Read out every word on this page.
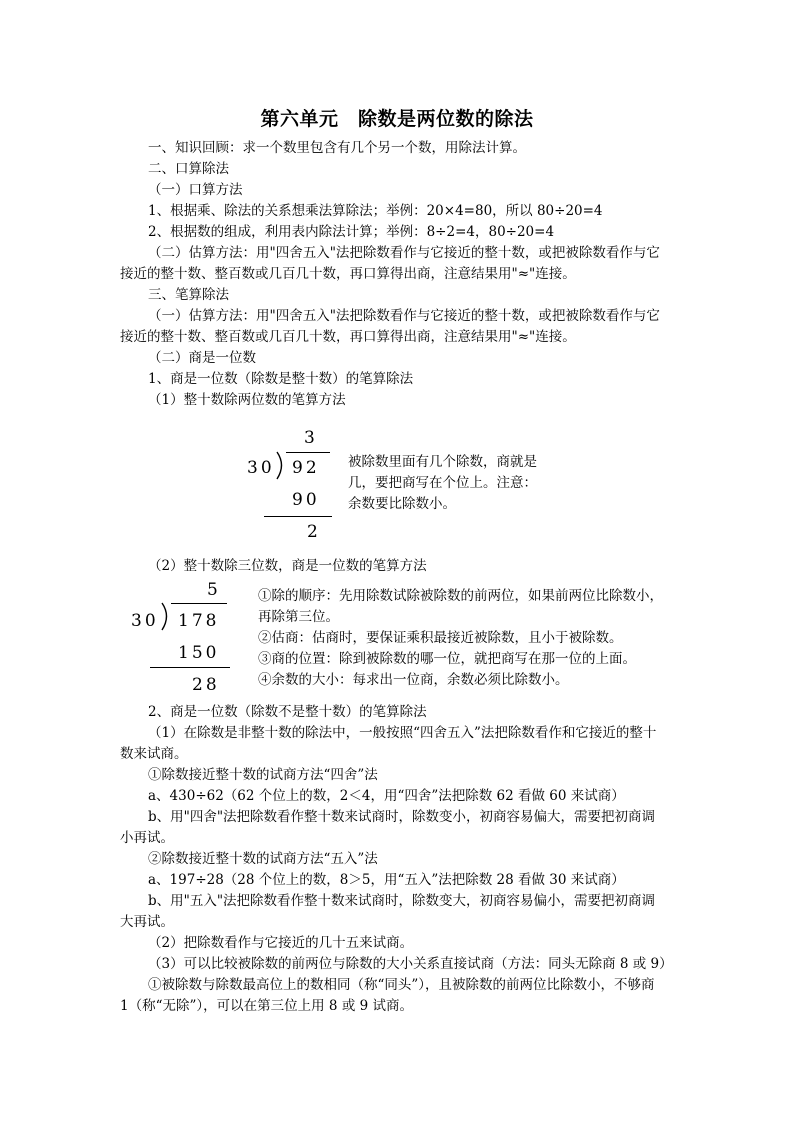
第六单元　除数是两位数的除法
一、知识回顾：求一个数里包含有几个另一个数，用除法计算。
二、口算除法
（一）口算方法
1、根据乘、除法的关系想乘法算除法；举例：20×4=80，所以 80÷20=4
2、根据数的组成，利用表内除法计算；举例：8÷2=4，80÷20=4
（二）估算方法：用"四舍五入"法把除数看作与它接近的整十数，或把被除数看作与它
接近的整十数、整百数或几百几十数，再口算得出商，注意结果用"≈"连接。
三、笔算除法
（一）估算方法：用"四舍五入"法把除数看作与它接近的整十数，或把被除数看作与它
接近的整十数、整百数或几百几十数，再口算得出商，注意结果用"≈"连接。
（二）商是一位数
1、商是一位数（除数是整十数）的笔算除法
（1）整十数除两位数的笔算方法
3
30 92
90
2
被除数里面有几个除数，商就是
几，要把商写在个位上。注意：
余数要比除数小。
（2）整十数除三位数，商是一位数的笔算方法
5
30 178
150
28
①除的顺序：先用除数试除被除数的前两位，如果前两位比除数小，
再除第三位。
②估商：估商时，要保证乘积最接近被除数，且小于被除数。
③商的位置：除到被除数的哪一位，就把商写在那一位的上面。
④余数的大小：每求出一位商，余数必须比除数小。
2、商是一位数（除数不是整十数）的笔算除法
（1）在除数是非整十数的除法中，一般按照“四舍五入”法把除数看作和它接近的整十
数来试商。
①除数接近整十数的试商方法“四舍”法
a、430÷62（62 个位上的数，2＜4，用“四舍”法把除数 62 看做 60 来试商）
b、用"四舍"法把除数看作整十数来试商时，除数变小，初商容易偏大，需要把初商调
小再试。
②除数接近整十数的试商方法“五入”法
a、197÷28（28 个位上的数，8＞5，用“五入”法把除数 28 看做 30 来试商）
b、用"五入"法把除数看作整十数来试商时，除数变大，初商容易偏小，需要把初商调
大再试。
（2）把除数看作与它接近的几十五来试商。
（3）可以比较被除数的前两位与除数的大小关系直接试商（方法：同头无除商 8 或 9）
①被除数与除数最高位上的数相同（称“同头”），且被除数的前两位比除数小，不够商
1（称“无除”），可以在第三位上用 8 或 9 试商。
